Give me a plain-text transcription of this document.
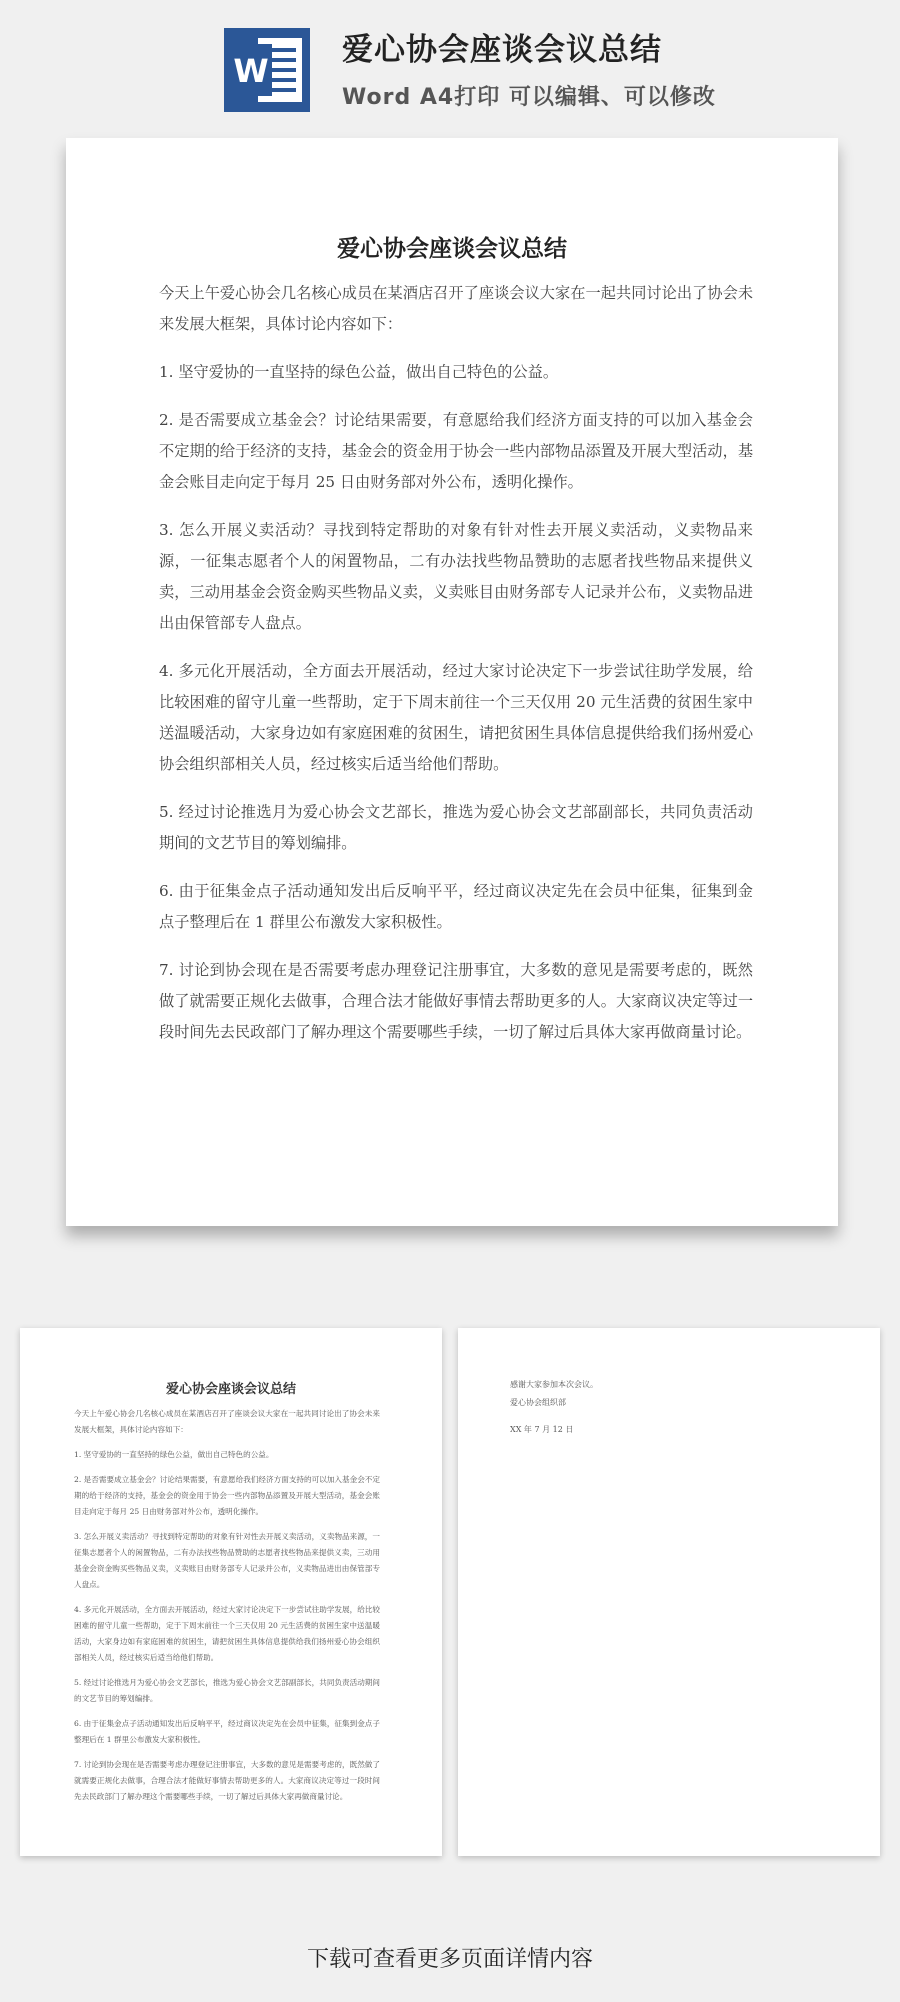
W
爱心协会座谈会议总结
Word A4打印 可以编辑、可以修改
爱心协会座谈会议总结

今天上午爱心协会几名核心成员在某酒店召开了座谈会议大家在一起共同讨论出了协会未来发展大框架，具体讨论内容如下：

1. 坚守爱协的一直坚持的绿色公益，做出自己特色的公益。

2. 是否需要成立基金会？讨论结果需要，有意愿给我们经济方面支持的可以加入基金会不定期的给于经济的支持，基金会的资金用于协会一些内部物品添置及开展大型活动，基金会账目走向定于每月 25 日由财务部对外公布，透明化操作。

3. 怎么开展义卖活动？寻找到特定帮助的对象有针对性去开展义卖活动，义卖物品来源，一征集志愿者个人的闲置物品，二有办法找些物品赞助的志愿者找些物品来提供义卖，三动用基金会资金购买些物品义卖，义卖账目由财务部专人记录并公布，义卖物品进出由保管部专人盘点。

4. 多元化开展活动，全方面去开展活动，经过大家讨论决定下一步尝试往助学发展，给比较困难的留守儿童一些帮助，定于下周末前往一个三天仅用 20 元生活费的贫困生家中送温暖活动，大家身边如有家庭困难的贫困生，请把贫困生具体信息提供给我们扬州爱心协会组织部相关人员，经过核实后适当给他们帮助。

5. 经过讨论推选月为爱心协会文艺部长，推选为爱心协会文艺部副部长，共同负责活动期间的文艺节目的筹划编排。

6. 由于征集金点子活动通知发出后反响平平，经过商议决定先在会员中征集，征集到金点子整理后在 1 群里公布激发大家积极性。

7. 讨论到协会现在是否需要考虑办理登记注册事宜，大多数的意见是需要考虑的，既然做了就需要正规化去做事，合理合法才能做好事情去帮助更多的人。大家商议决定等过一段时间先去民政部门了解办理这个需要哪些手续，一切了解过后具体大家再做商量讨论。

爱心协会座谈会议总结

今天上午爱心协会几名核心成员在某酒店召开了座谈会议大家在一起共同讨论出了协会未来发展大框架，具体讨论内容如下：

1. 坚守爱协的一直坚持的绿色公益，做出自己特色的公益。

2. 是否需要成立基金会？讨论结果需要，有意愿给我们经济方面支持的可以加入基金会不定期的给于经济的支持，基金会的资金用于协会一些内部物品添置及开展大型活动，基金会账目走向定于每月 25 日由财务部对外公布，透明化操作。

3. 怎么开展义卖活动？寻找到特定帮助的对象有针对性去开展义卖活动，义卖物品来源，一征集志愿者个人的闲置物品，二有办法找些物品赞助的志愿者找些物品来提供义卖，三动用基金会资金购买些物品义卖，义卖账目由财务部专人记录并公布，义卖物品进出由保管部专人盘点。

4. 多元化开展活动，全方面去开展活动，经过大家讨论决定下一步尝试往助学发展，给比较困难的留守儿童一些帮助，定于下周末前往一个三天仅用 20 元生活费的贫困生家中送温暖活动，大家身边如有家庭困难的贫困生，请把贫困生具体信息提供给我们扬州爱心协会组织部相关人员，经过核实后适当给他们帮助。

5. 经过讨论推选月为爱心协会文艺部长，推选为爱心协会文艺部副部长，共同负责活动期间的文艺节目的筹划编排。

6. 由于征集金点子活动通知发出后反响平平，经过商议决定先在会员中征集，征集到金点子整理后在 1 群里公布激发大家积极性。

7. 讨论到协会现在是否需要考虑办理登记注册事宜，大多数的意见是需要考虑的，既然做了就需要正规化去做事，合理合法才能做好事情去帮助更多的人。大家商议决定等过一段时间先去民政部门了解办理这个需要哪些手续，一切了解过后具体大家再做商量讨论。

感谢大家参加本次会议。
爱心协会组织部
XX 年 7 月 12 日
下载可查看更多页面详情内容
